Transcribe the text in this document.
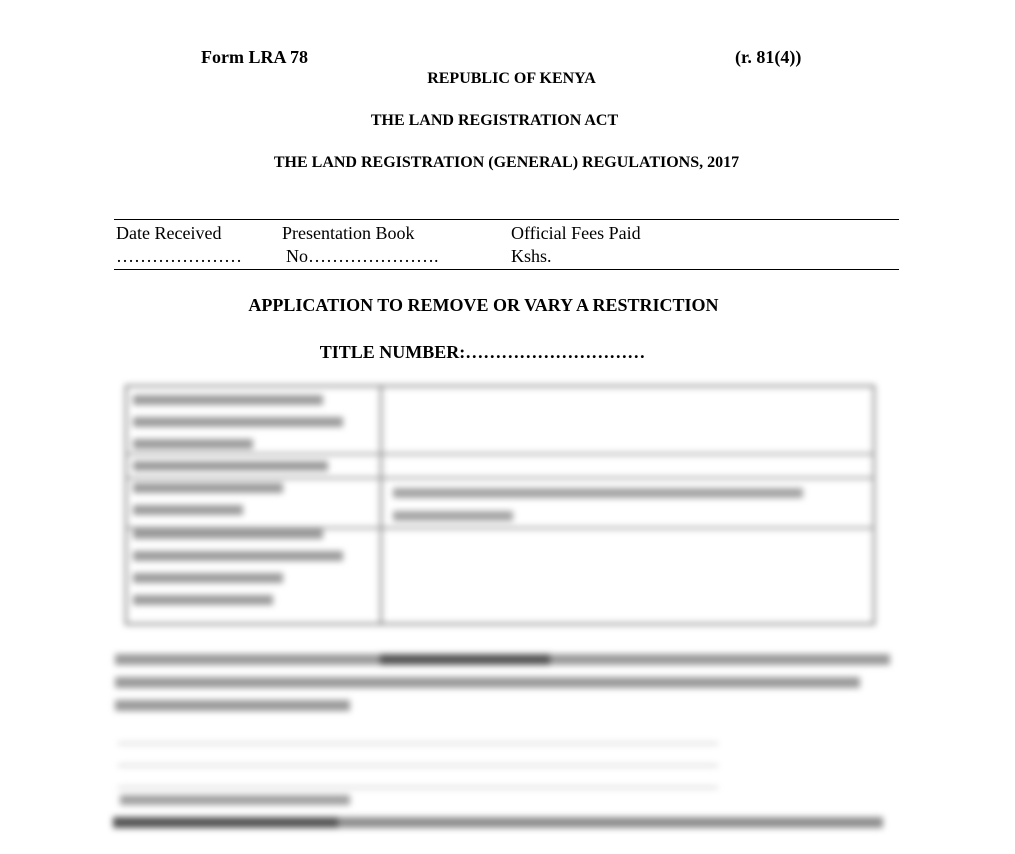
Form LRA 78	(r. 81(4))
REPUBLIC OF KENYA
THE LAND REGISTRATION ACT
THE LAND REGISTRATION (GENERAL) REGULATIONS, 2017
Date Received
…………………
Presentation Book
No………………….
Official Fees Paid
Kshs.
APPLICATION TO REMOVE OR VARY A RESTRICTION
TITLE NUMBER:…………………………
